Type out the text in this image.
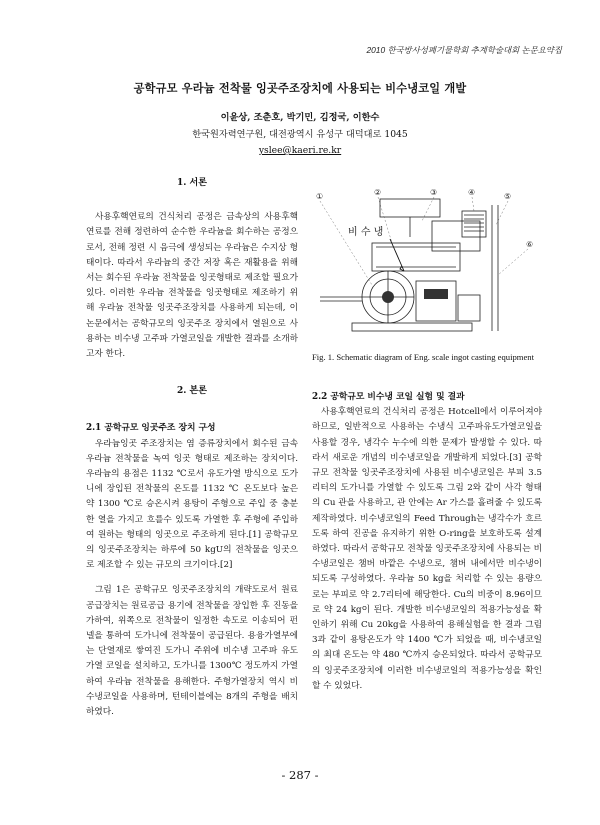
2010 한국방사성폐기물학회 추계학술대회 논문요약집
공학규모 우라늄 전착물 잉곳주조장치에 사용되는 비수냉코일 개발
이윤상, 조춘호, 박기민, 김정국, 이한수
한국원자력연구원, 대전광역시 유성구 대덕대로 1045
yslee@kaeri.re.kr
1. 서론

사용후핵연료의 건식처리 공정은 금속상의 사용후핵연료를 전해 정련하여 순수한 우라늄을 회수하는 공정으로서, 전해 정련 시 음극에 생성되는 우라늄은 수지상 형태이다. 따라서 우라늄의 중간 저장 혹은 재활용을 위해서는 회수된 우라늄 전착물을 잉곳형태로 제조할 필요가 있다. 이러한 우라늄 전착물을 잉곳형태로 제조하기 위해 우라늄 전착물 잉곳주조장치를 사용하게 되는데, 이 논문에서는 공학규모의 잉곳주조 장치에서 열원으로 사용하는 비수냉 고주파 가열코일을 개발한 결과를 소개하고자 한다.

2. 본론
2.1 공학규모 잉곳주조 장치 구성

우라늄잉곳 주조장치는 염 증류장치에서 회수된 금속우라늄 전착물을 녹여 잉곳 형태로 제조하는 장치이다. 우라늄의 용점은 1132 ℃로서 유도가열 방식으로 도가니에 장입된 전착물의 온도를 1132 ℃ 온도보다 높은 약 1300 ℃로 승온시켜 용탕이 주형으로 주입 중 충분한 열을 가지고 흐를수 있도록 가열한 후 주형에 주입하여 원하는 형태의 잉곳으로 주조하게 된다.[1] 공학규모의 잉곳주조장치는 하루에 50 kgU의 전착물을 잉곳으로 제조할 수 있는 규모의 크기이다.[2]

그림 1은 공학규모 잉곳주조장치의 개략도로서 원료공급장치는 원료공급 용기에 전착물을 장입한 후 진동을 가하여, 위쪽으로 전착물이 일정한 속도로 이송되어 펀넬을 통하여 도가니에 전착물이 공급된다. 용융가열부에는 단열재로 쌓여진 도가니 주위에 비수냉 고주파 유도가열 코일을 설치하고, 도가니를 1300℃ 정도까지 가열하여 우라늄 전착물을 용해한다. 주형가열장치 역시 비수냉코일을 사용하며, 턴테이블에는 8개의 주형을 배치하였다.

①	②	③	④	⑤
⑥
비 수 냉
Fig. 1. Schematic diagram of Eng. scale ingot casting equipment
2.2 공학규모 비수냉 코일 실험 및 결과

사용후핵연료의 건식처리 공정은 Hotcell에서 이루어져야 하므로, 일반적으로 사용하는 수냉식 고주파유도가열코일을 사용할 경우, 냉각수 누수에 의한 문제가 발생할 수 있다. 따라서 새로운 개념의 비수냉코일을 개발하게 되었다.[3] 공학규모 전착물 잉곳주조장치에 사용된 비수냉코일은 부피 3.5 리터의 도가니를 가열할 수 있도록 그림 2와 같이 사각 형태의 Cu 관을 사용하고, 관 안에는 Ar 가스를 흘려줄 수 있도록 제작하였다. 비수냉코일의 Feed Through는 냉각수가 흐르도록 하여 진공을 유지하기 위한 O-ring을 보호하도록 설계하였다. 따라서 공학규모 전착물 잉곳주조장치에 사용되는 비수냉코일은 챔버 바깥은 수냉으로, 챔버 내에서만 비수냉이 되도록 구성하였다. 우라늄 50 kg을 처리할 수 있는 용량으로는 부피로 약 2.7리터에 해당한다. Cu의 비중이 8.96이므로 약 24 kg이 된다. 개발한 비수냉코일의 적용가능성을 확인하기 위해 Cu 20kg을 사용하여 용해실험을 한 결과 그림 3과 같이 용탕온도가 약 1400 ℃가 되었을 때, 비수냉코일의 최대 온도는 약 480 ℃까지 승온되었다. 따라서 공학규모의 잉곳주조장치에 이러한 비수냉코일의 적용가능성을 확인할 수 있었다.

- 287 -
